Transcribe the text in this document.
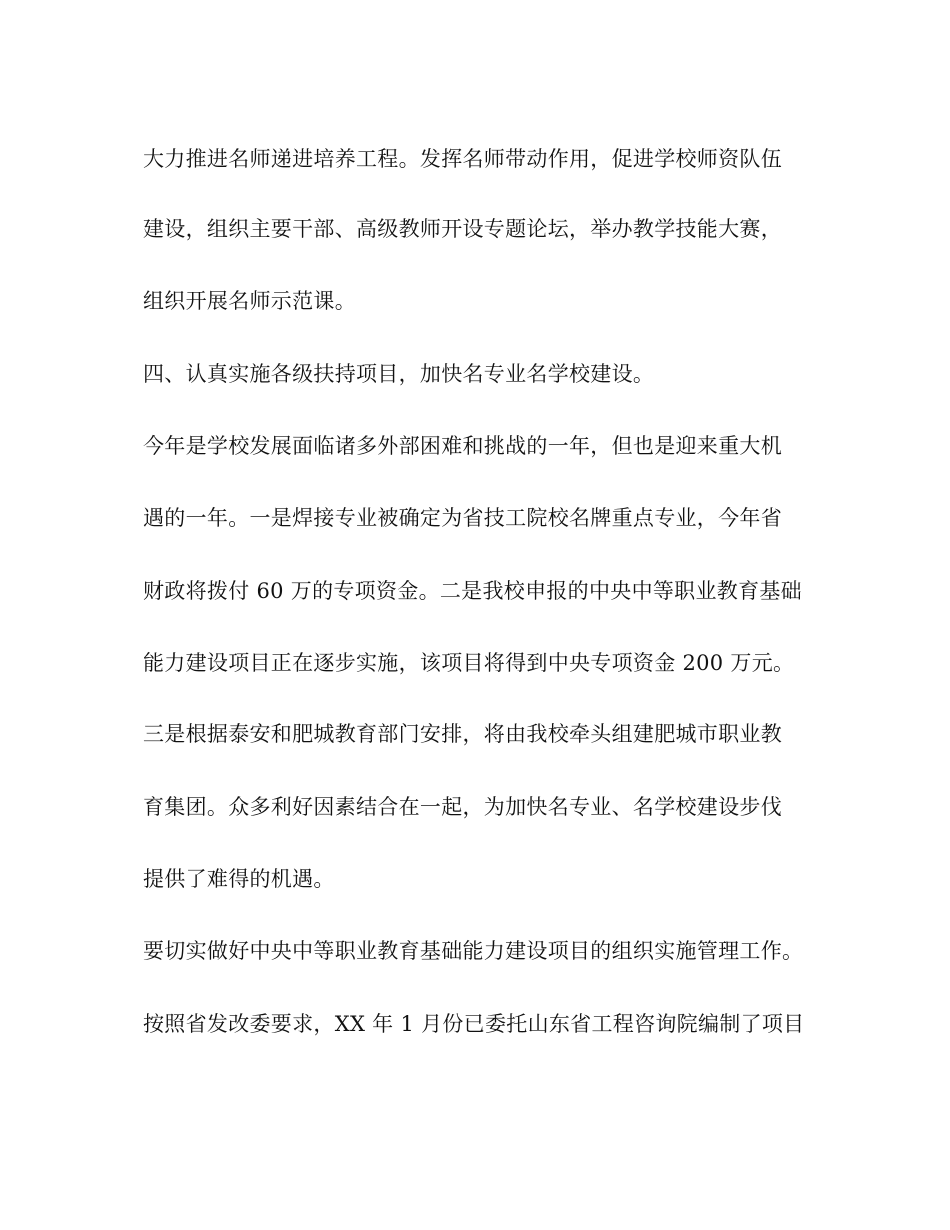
大力推进名师递进培养工程。发挥名师带动作用，促进学校师资队伍
建设，组织主要干部、高级教师开设专题论坛，举办教学技能大赛，
组织开展名师示范课。
四、认真实施各级扶持项目，加快名专业名学校建设。
今年是学校发展面临诸多外部困难和挑战的一年，但也是迎来重大机
遇的一年。一是焊接专业被确定为省技工院校名牌重点专业，今年省
财政将拨付 60 万的专项资金。二是我校申报的中央中等职业教育基础
能力建设项目正在逐步实施，该项目将得到中央专项资金 200 万元。
三是根据泰安和肥城教育部门安排，将由我校牵头组建肥城市职业教
育集团。众多利好因素结合在一起，为加快名专业、名学校建设步伐
提供了难得的机遇。
要切实做好中央中等职业教育基础能力建设项目的组织实施管理工作。
按照省发改委要求，XX 年 1 月份已委托山东省工程咨询院编制了项目
